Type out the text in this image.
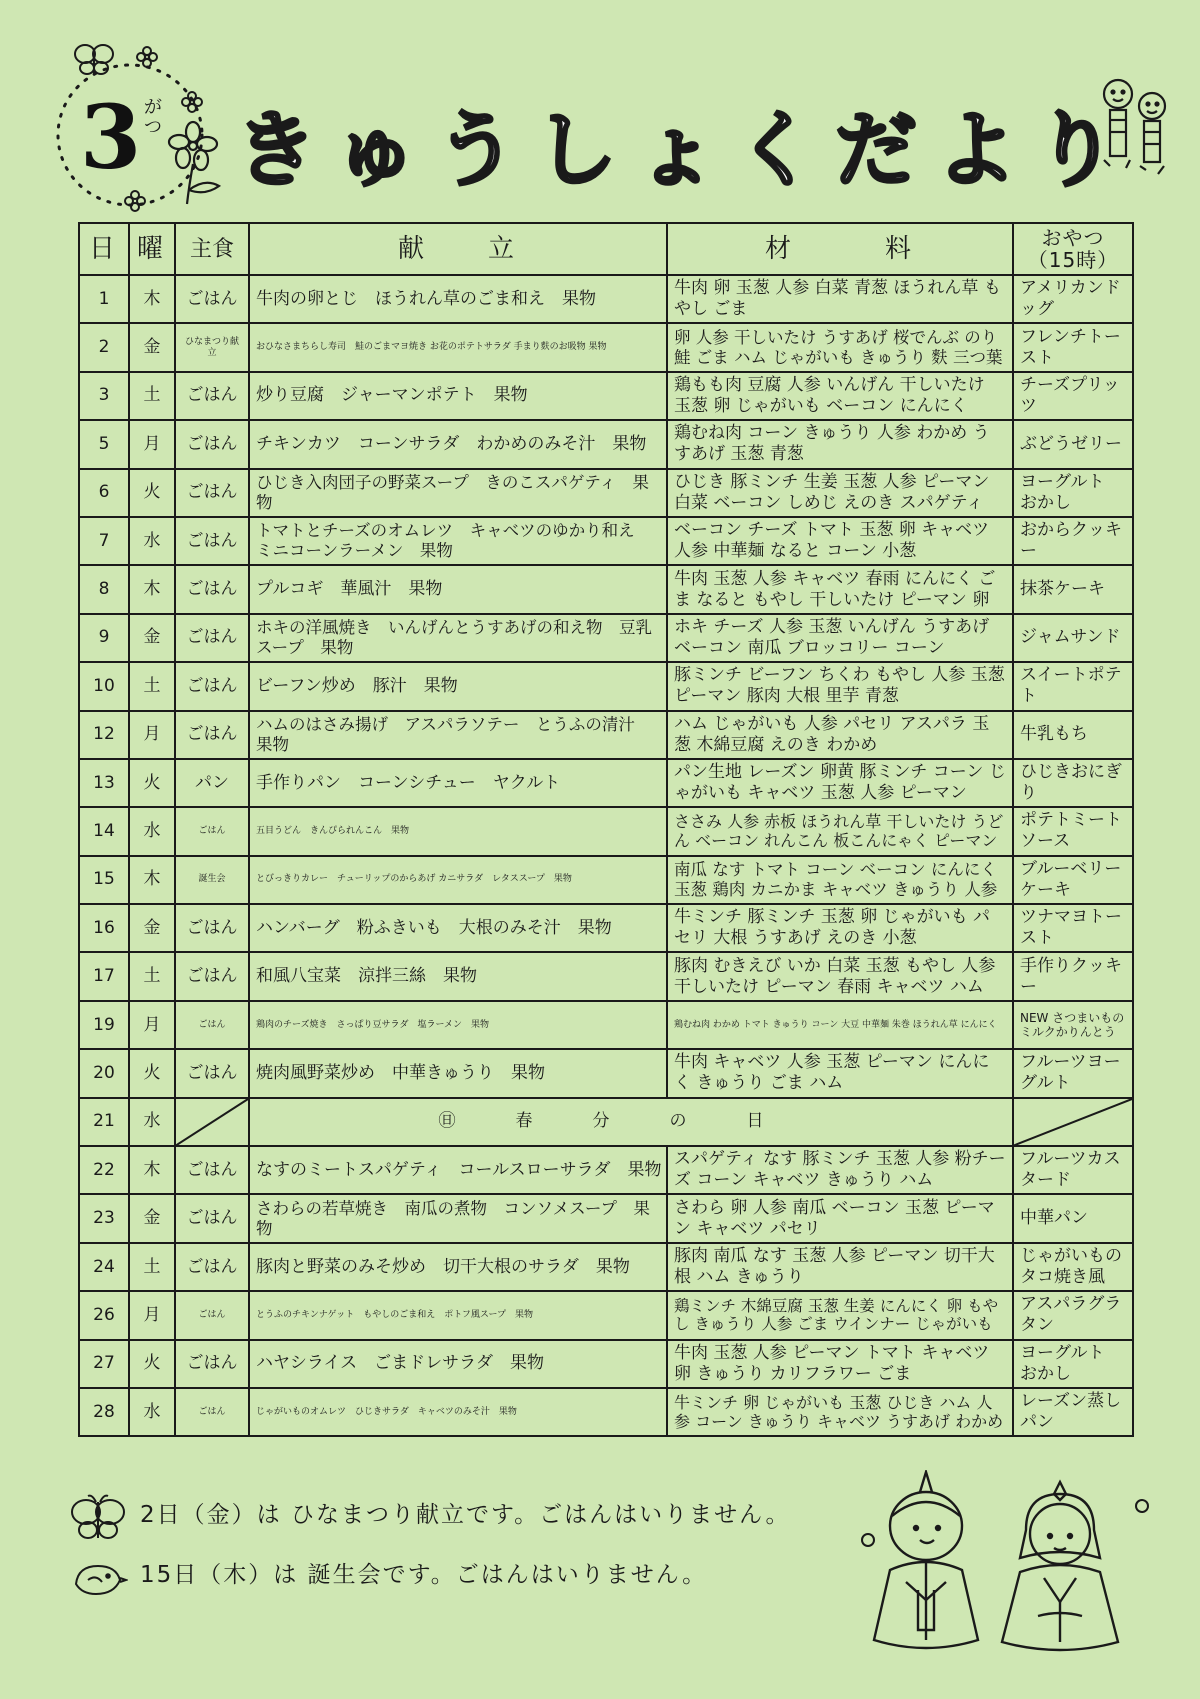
3 がつ きゅうしょくだより
日	曜	主食	献　　立	材　　　料	おやつ
（15時）

1	木	ごはん	牛肉の卵とじ　ほうれん草のごま和え　果物	牛肉 卵 玉葱 人参 白菜 青葱 ほうれん草 もやし ごま	アメリカンドッグ
2	金	ひなまつり献立	おひなさまちらし寿司　鮭のごまマヨ焼き お花のポテトサラダ 手まり麩のお吸物 果物	卵 人参 干しいたけ うすあげ 桜でんぶ のり 鮭 ごま ハム じゃがいも きゅうり 麩 三つ葉	フレンチトースト
3	土	ごはん	炒り豆腐　ジャーマンポテト　果物	鶏もも肉 豆腐 人参 いんげん 干しいたけ 玉葱 卵 じゃがいも ベーコン にんにく	チーズプリッツ
5	月	ごはん	チキンカツ　コーンサラダ　わかめのみそ汁　果物	鶏むね肉 コーン きゅうり 人参 わかめ うすあげ 玉葱 青葱	ぶどうゼリー
6	火	ごはん	ひじき入肉団子の野菜スープ　きのこスパゲティ　果物	ひじき 豚ミンチ 生姜 玉葱 人参 ピーマン 白菜 ベーコン しめじ えのき スパゲティ	ヨーグルト おかし
7	水	ごはん	トマトとチーズのオムレツ　キャベツのゆかり和え　ミニコーンラーメン　果物	ベーコン チーズ トマト 玉葱 卵 キャベツ 人参 中華麺 なると コーン 小葱	おからクッキー
8	木	ごはん	プルコギ　華風汁　果物	牛肉 玉葱 人参 キャベツ 春雨 にんにく ごま なると もやし 干しいたけ ピーマン 卵	抹茶ケーキ
9	金	ごはん	ホキの洋風焼き　いんげんとうすあげの和え物　豆乳スープ　果物	ホキ チーズ 人参 玉葱 いんげん うすあげ ベーコン 南瓜 ブロッコリー コーン	ジャムサンド
10	土	ごはん	ビーフン炒め　豚汁　果物	豚ミンチ ビーフン ちくわ もやし 人参 玉葱 ピーマン 豚肉 大根 里芋 青葱	スイートポテト
12	月	ごはん	ハムのはさみ揚げ　アスパラソテー　とうふの清汁　果物	ハム じゃがいも 人参 パセリ アスパラ 玉葱 木綿豆腐 えのき わかめ	牛乳もち
13	火	パン	手作りパン　コーンシチュー　ヤクルト	パン生地 レーズン 卵黄 豚ミンチ コーン じゃがいも キャベツ 玉葱 人参 ピーマン	ひじきおにぎり
14	水	ごはん	五目うどん　きんぴられんこん　果物	ささみ 人参 赤板 ほうれん草 干しいたけ うどん ベーコン れんこん 板こんにゃく ピーマン	ポテトミートソース
15	木	誕生会	とびっきりカレー　チューリップのからあげ カニサラダ　レタススープ　果物	南瓜 なす トマト コーン ベーコン にんにく 玉葱 鶏肉 カニかま キャベツ きゅうり 人参	ブルーベリーケーキ
16	金	ごはん	ハンバーグ　粉ふきいも　大根のみそ汁　果物	牛ミンチ 豚ミンチ 玉葱 卵 じゃがいも パセリ 大根 うすあげ えのき 小葱	ツナマヨトースト
17	土	ごはん	和風八宝菜　涼拌三絲　果物	豚肉 むきえび いか 白菜 玉葱 もやし 人参 干しいたけ ピーマン 春雨 キャベツ ハム	手作りクッキー
19	月	ごはん	鶏肉のチーズ焼き　さっぱり豆サラダ　塩ラーメン　果物	鶏むね肉 わかめ トマト きゅうり コーン 大豆 中華麺 朱巻 ほうれん草 にんにく	NEW さつまいものミルクかりんとう
20	火	ごはん	焼肉風野菜炒め　中華きゅうり　果物	牛肉 キャベツ 人参 玉葱 ピーマン にんにく きゅうり ごま ハム	フルーツヨーグルト
21	水		㊐春分の日	

22	木	ごはん	なすのミートスパゲティ　コールスローサラダ　果物	スパゲティ なす 豚ミンチ 玉葱 人参 粉チーズ コーン キャベツ きゅうり ハム	フルーツカスタード
23	金	ごはん	さわらの若草焼き　南瓜の煮物　コンソメスープ　果物	さわら 卵 人参 南瓜 ベーコン 玉葱 ピーマン キャベツ パセリ	中華パン
24	土	ごはん	豚肉と野菜のみそ炒め　切干大根のサラダ　果物	豚肉 南瓜 なす 玉葱 人参 ピーマン 切干大根 ハム きゅうり	じゃがいものタコ焼き風
26	月	ごはん	とうふのチキンナゲット　もやしのごま和え　ポトフ風スープ　果物	鶏ミンチ 木綿豆腐 玉葱 生姜 にんにく 卵 もやし きゅうり 人参 ごま ウインナー じゃがいも	アスパラグラタン
27	火	ごはん	ハヤシライス　ごまドレサラダ　果物	牛肉 玉葱 人参 ピーマン トマト キャベツ 卵 きゅうり カリフラワー ごま	ヨーグルト おかし
28	水	ごはん	じゃがいものオムレツ　ひじきサラダ　キャベツのみそ汁　果物	牛ミンチ 卵 じゃがいも 玉葱 ひじき ハム 人参 コーン きゅうり キャベツ うすあげ わかめ	レーズン蒸しパン
2日（金）は ひなまつり献立です。ごはんはいりません。
15日（木）は 誕生会です。ごはんはいりません。
